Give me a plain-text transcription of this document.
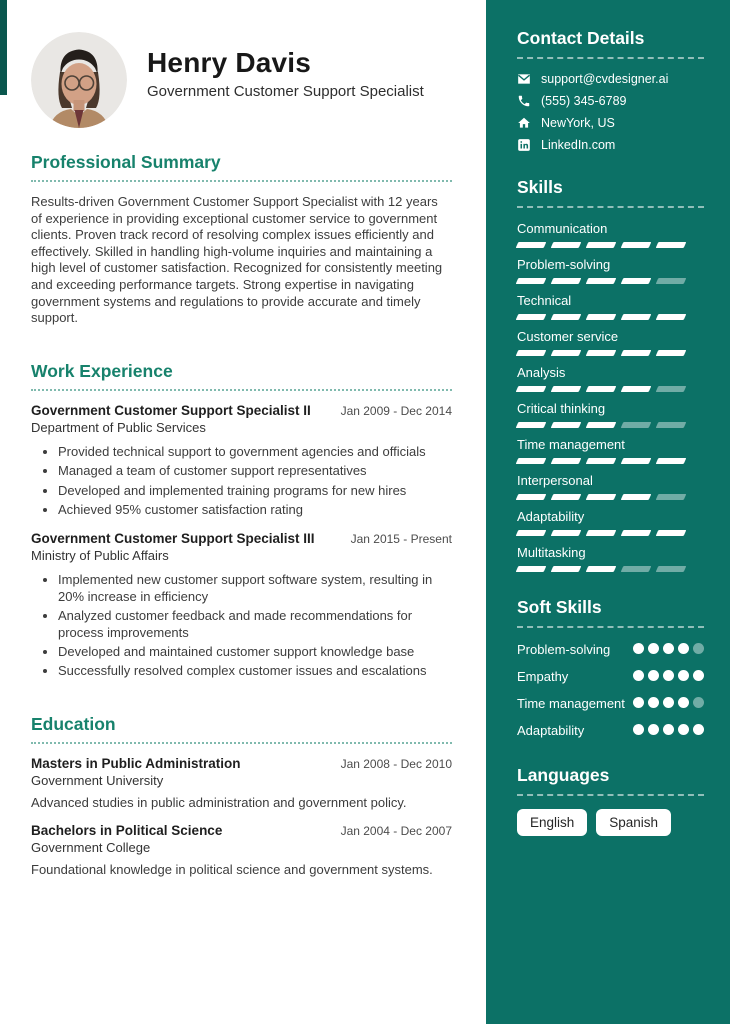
Henry Davis
Government Customer Support Specialist
Professional Summary

Results-driven Government Customer Support Specialist with 12 years of experience in providing exceptional customer service to government clients. Proven track record of resolving complex issues efficiently and effectively. Skilled in handling high-volume inquiries and maintaining a high level of customer satisfaction. Recognized for consistently meeting and exceeding performance targets. Strong expertise in navigating government systems and regulations to provide accurate and timely support.

Work Experience
Government Customer Support Specialist II	Jan 2009 - Dec 2014
Department of Public Services
• Provided technical support to government agencies and officials
• Managed a team of customer support representatives
• Developed and implemented training programs for new hires
• Achieved 95% customer satisfaction rating
Government Customer Support Specialist III	Jan 2015 - Present
Ministry of Public Affairs
• Implemented new customer support software system, resulting in 20% increase in efficiency
• Analyzed customer feedback and made recommendations for process improvements
• Developed and maintained customer support knowledge base
• Successfully resolved complex customer issues and escalations
Education
Masters in Public Administration	Jan 2008 - Dec 2010
Government University
Advanced studies in public administration and government policy.
Bachelors in Political Science	Jan 2004 - Dec 2007
Government College
Foundational knowledge in political science and government systems.
Contact Details
support@cvdesigner.ai
(555) 345-6789
NewYork, US
LinkedIn.com
Skills
Communication
Problem-solving
Technical
Customer service
Analysis
Critical thinking
Time management
Interpersonal
Adaptability
Multitasking
Soft Skills
Problem-solving
Empathy
Time management
Adaptability
Languages
English	Spanish
